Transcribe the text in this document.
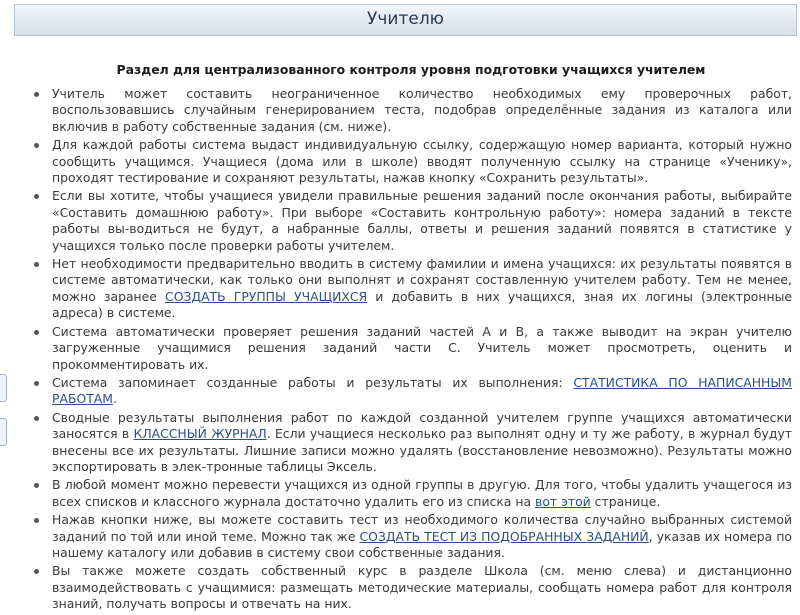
Учителю
Раздел для централизованного контроля уровня подготовки учащихся учителем
Учитель может составить неограниченное количество необходимых ему проверочных работ, воспользовавшись случайным генерированием теста, подобрав определённые задания из каталога или включив в работу собственные задания (см. ниже).
Для каждой работы система выдаст индивидуальную ссылку, содержащую номер варианта, который нужно сообщить учащимся. Учащиеся (дома или в школе) вводят полученную ссылку на странице «Ученику», проходят тестирование и сохраняют результаты, нажав кнопку «Сохранить результаты».
Если вы хотите, чтобы учащиеся увидели правильные решения заданий после окончания работы, выбирайте «Составить домашнюю работу». При выборе «Составить контрольную работу»: номера заданий в тексте работы вы-водиться не будут, а набранные баллы, ответы и решения заданий появятся в статистике у учащихся только после проверки работы учителем.
Нет необходимости предварительно вводить в систему фамилии и имена учащихся: их результаты появятся в системе автоматически, как только они выполнят и сохранят составленную учителем работу. Тем не менее, можно заранее СОЗДАТЬ ГРУППЫ УЧАЩИХСЯ и добавить в них учащихся, зная их логины (электронные адреса) в системе.
Система автоматически проверяет решения заданий частей А и В, а также выводит на экран учителю загруженные учащимися решения заданий части С. Учитель может просмотреть, оценить и прокомментировать их.
Система запоминает созданные работы и результаты их выполнения: СТАТИСТИКА ПО НАПИСАННЫМ РАБОТАМ.
Сводные результаты выполнения работ по каждой созданной учителем группе учащихся автоматически заносятся в КЛАССНЫЙ ЖУРНАЛ. Если учащиеся несколько раз выполнят одну и ту же работу, в журнал будут внесены все их результаты. Лишние записи можно удалять (восстановление невозможно). Результаты можно экспортировать в элек-тронные таблицы Эксель.
В любой момент можно перевести учащихся из одной группы в другую. Для того, чтобы удалить учащегося из всех списков и классного журнала достаточно удалить его из списка на вот этой странице.
Нажав кнопки ниже, вы можете составить тест из необходимого количества случайно выбранных системой заданий по той или иной теме. Можно так же СОЗДАТЬ ТЕСТ ИЗ ПОДОБРАННЫХ ЗАДАНИЙ, указав их номера по нашему каталогу или добавив в систему свои собственные задания.
Вы также можете создать собственный курс в разделе Школа (см. меню слева) и дистанционно взаимодействовать с учащимися: размещать методические материалы, сообщать номера работ для контроля знаний, получать вопросы и отвечать на них.
